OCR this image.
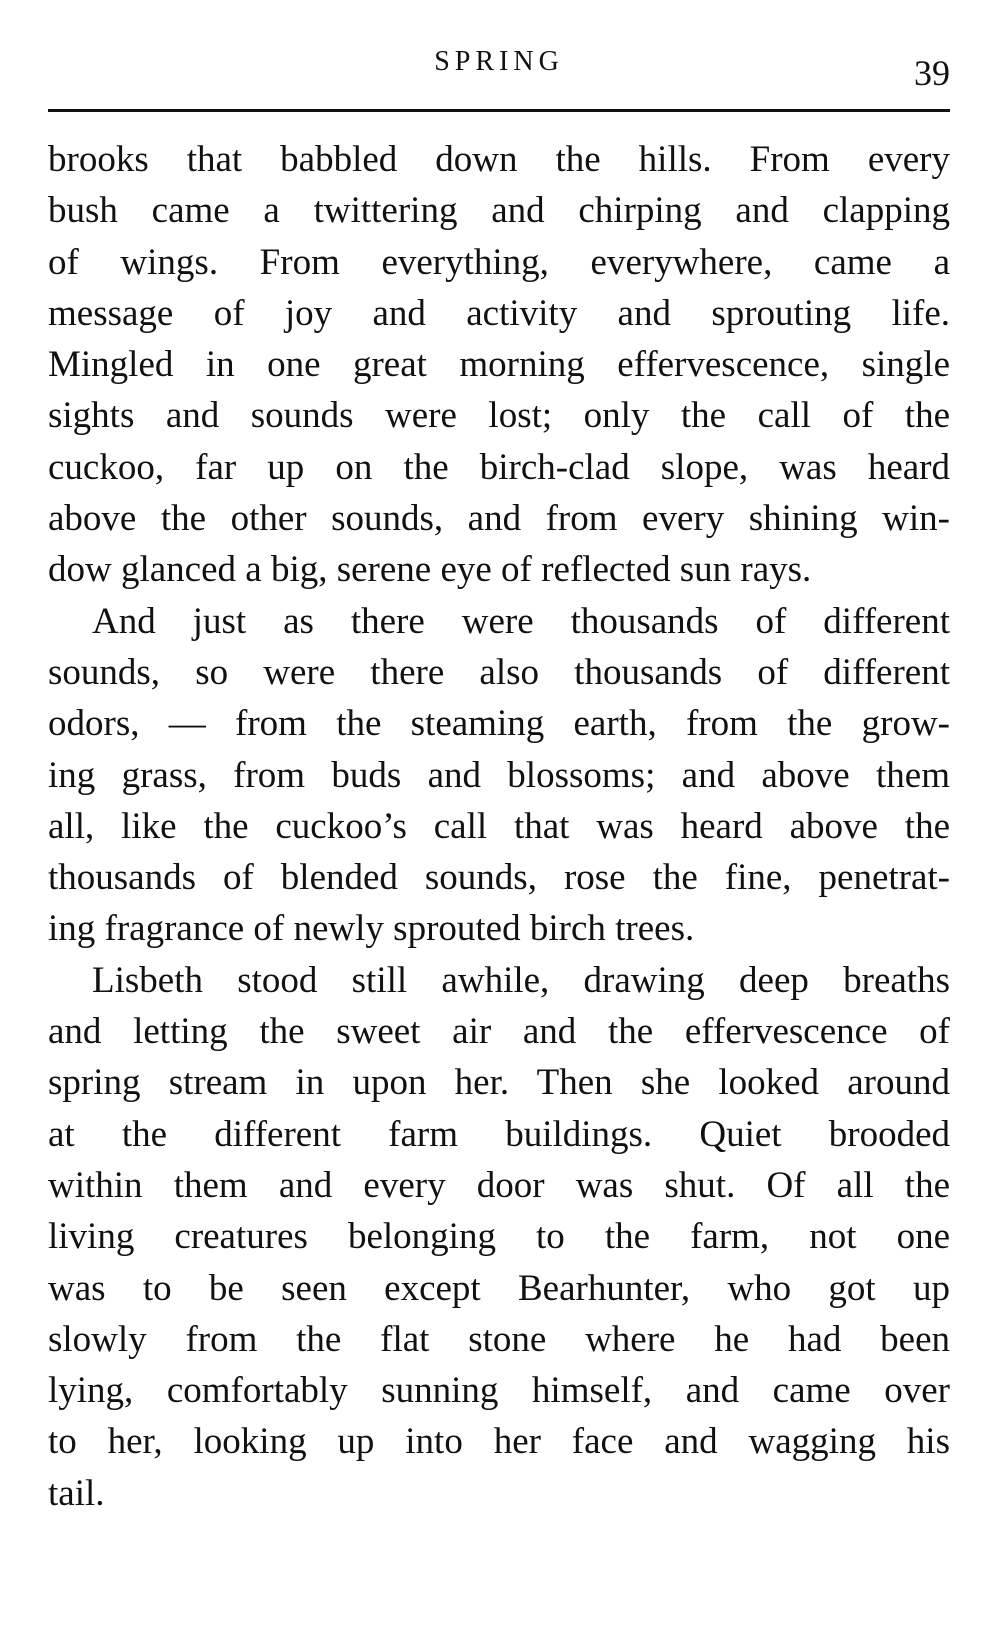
SPRING	39
brooks that babbled down the hills. From every
bush came a twittering and chirping and clapping
of wings. From everything, everywhere, came a
message of joy and activity and sprouting life.
Mingled in one great morning effervescence, single
sights and sounds were lost; only the call of the
cuckoo, far up on the birch-clad slope, was heard
above the other sounds, and from every shining win-
dow glanced a big, serene eye of reflected sun rays.
And just as there were thousands of different
sounds, so were there also thousands of different
odors, — from the steaming earth, from the grow-
ing grass, from buds and blossoms; and above them
all, like the cuckoo’s call that was heard above the
thousands of blended sounds, rose the fine, penetrat-
ing fragrance of newly sprouted birch trees.
Lisbeth stood still awhile, drawing deep breaths
and letting the sweet air and the effervescence of
spring stream in upon her. Then she looked around
at the different farm buildings. Quiet brooded
within them and every door was shut. Of all the
living creatures belonging to the farm, not one
was to be seen except Bearhunter, who got up
slowly from the flat stone where he had been
lying, comfortably sunning himself, and came over
to her, looking up into her face and wagging his
tail.
